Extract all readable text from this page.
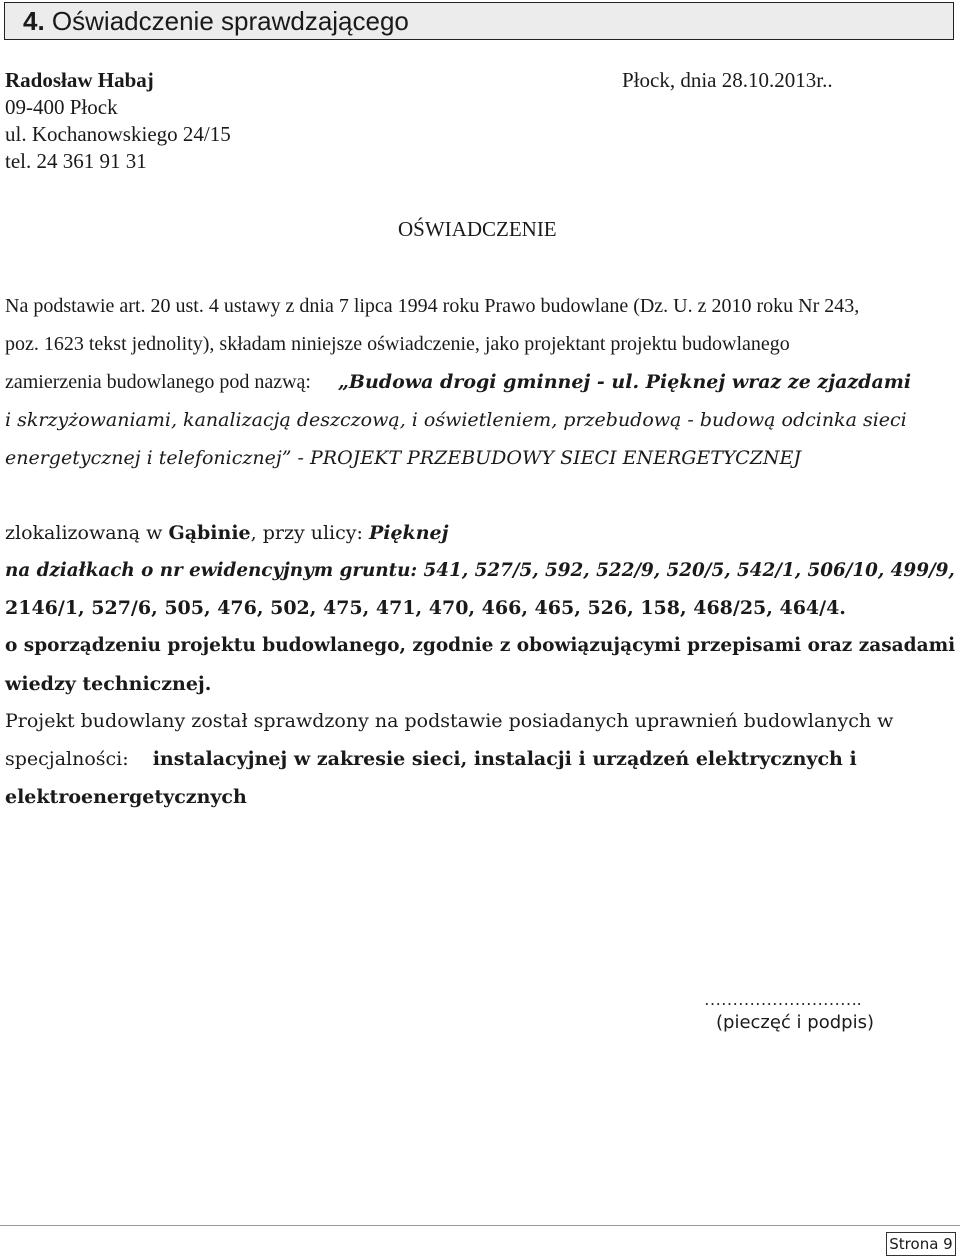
4. Oświadczenie sprawdzającego
Radosław Habaj
09-400 Płock
ul. Kochanowskiego 24/15
tel. 24 361 91 31
Płock, dnia 28.10.2013r..
OŚWIADCZENIE
Na podstawie art. 20 ust. 4 ustawy z dnia 7 lipca 1994 roku Prawo budowlane (Dz. U. z 2010 roku Nr 243,
poz. 1623 tekst jednolity), składam niniejsze oświadczenie, jako projektant projektu budowlanego
zamierzenia budowlanego pod nazwą: „Budowa drogi gminnej - ul. Pięknej wraz ze zjazdami
i skrzyżowaniami, kanalizacją deszczową, i oświetleniem, przebudową - budową odcinka sieci
energetycznej i telefonicznej” - PROJEKT PRZEBUDOWY SIECI ENERGETYCZNEJ
zlokalizowaną w Gąbinie, przy ulicy: Pięknej
na działkach o nr ewidencyjnym gruntu: 541, 527/5, 592, 522/9, 520/5, 542/1, 506/10, 499/9,
2146/1, 527/6, 505, 476, 502, 475, 471, 470, 466, 465, 526, 158, 468/25, 464/4.
o sporządzeniu projektu budowlanego, zgodnie z obowiązującymi przepisami oraz zasadami
wiedzy technicznej.
Projekt budowlany został sprawdzony na podstawie posiadanych uprawnień budowlanych w
specjalności: instalacyjnej w zakresie sieci, instalacji i urządzeń elektrycznych i
elektroenergetycznych
……………………….
(pieczęć i podpis)
Strona 9
